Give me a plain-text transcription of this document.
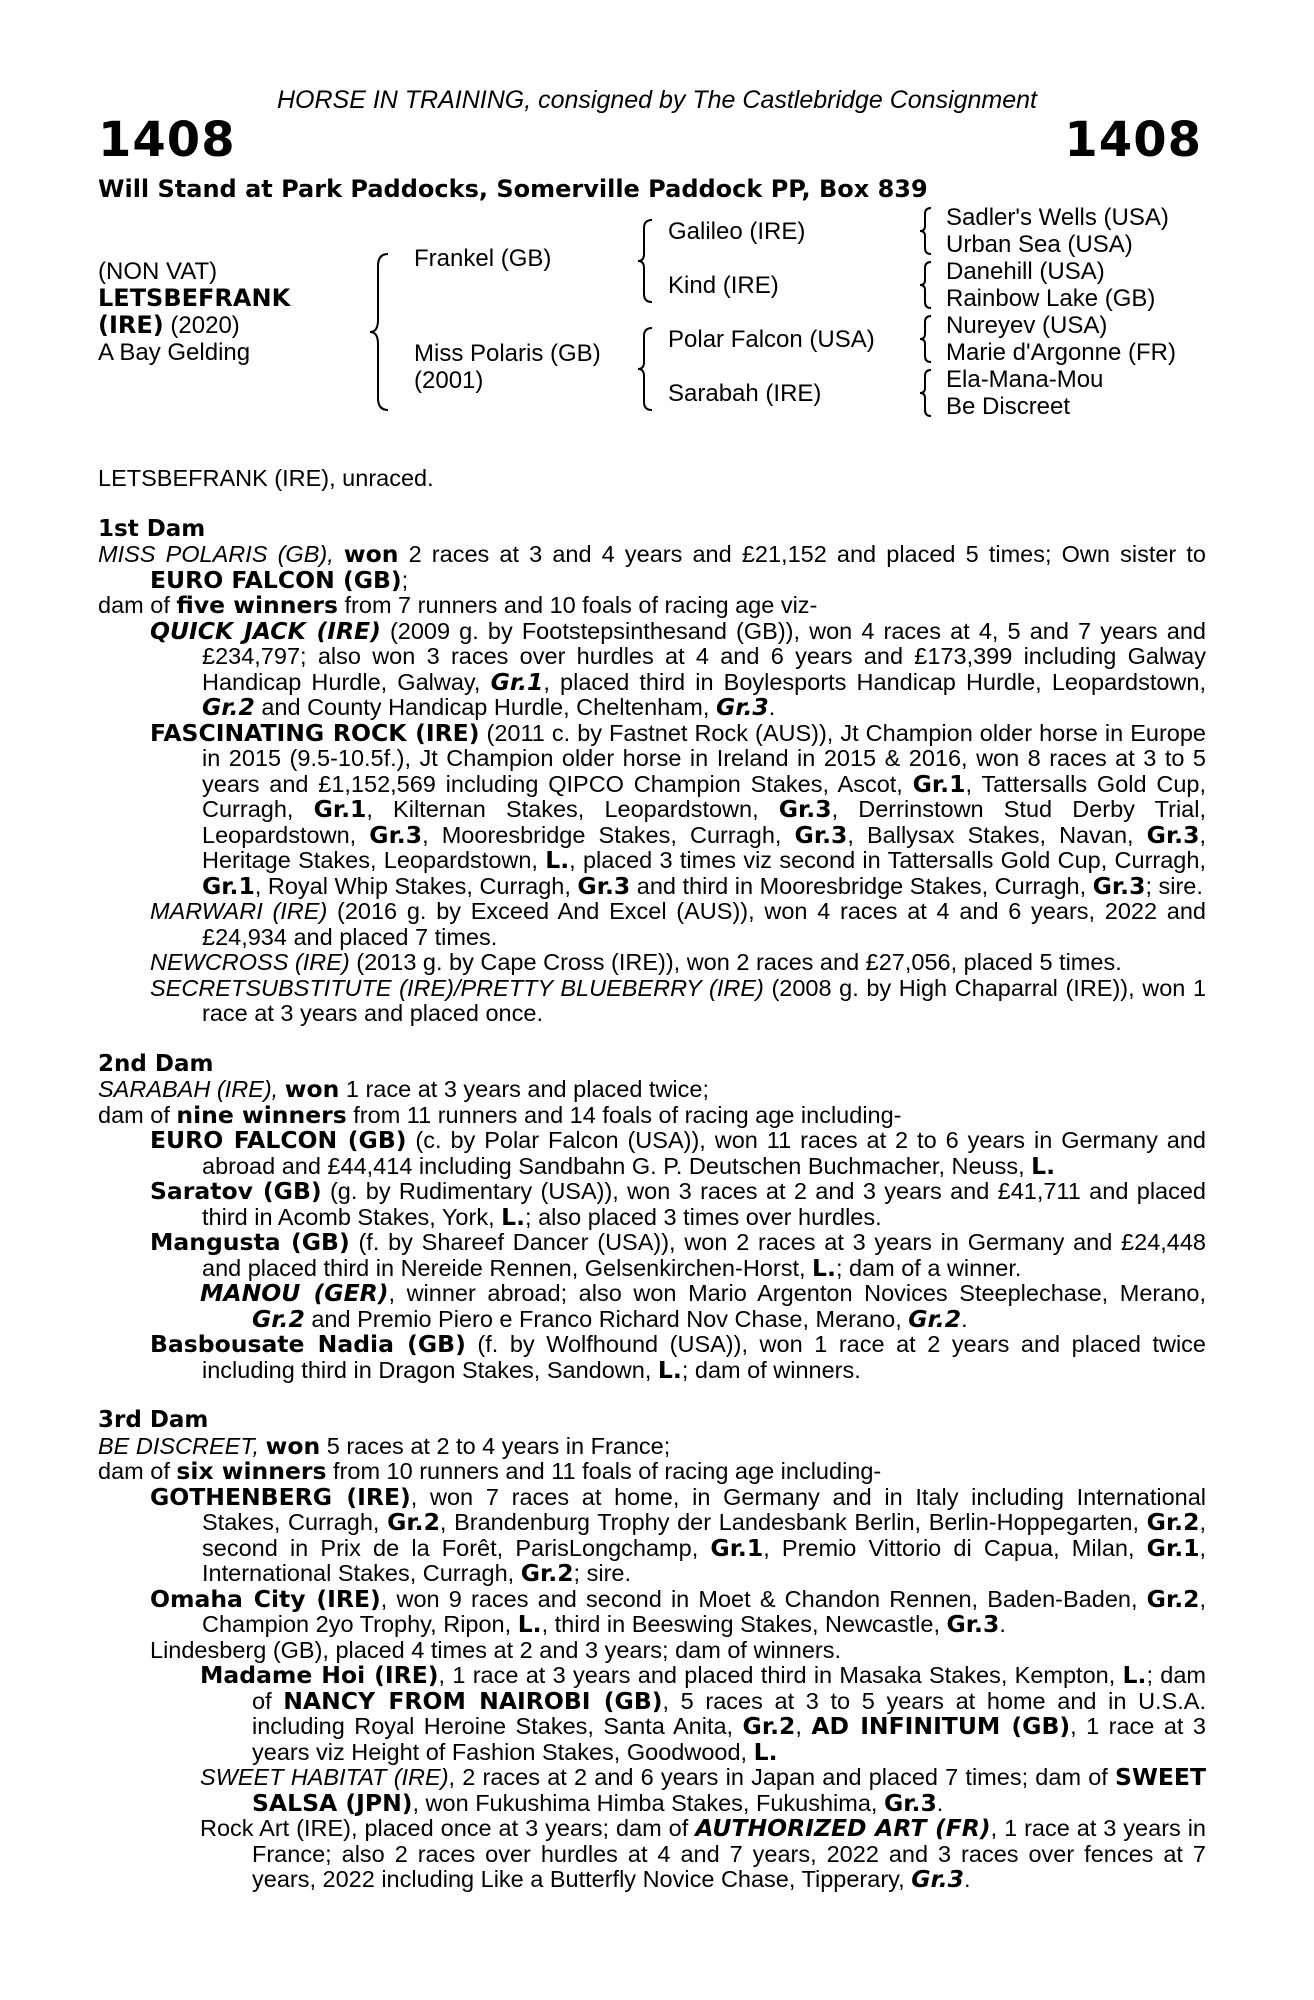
HORSE IN TRAINING, consigned by The Castlebridge Consignment
1408	1408
Will Stand at Park Paddocks, Somerville Paddock PP, Box 839
(NON VAT)
LETSBEFRANK
(IRE) (2020)
A Bay Gelding
Frankel (GB)
Miss Polaris (GB)
(2001)
Galileo (IRE)
Kind (IRE)
Polar Falcon (USA)
Sarabah (IRE)
Sadler's Wells (USA)
Urban Sea (USA)
Danehill (USA)
Rainbow Lake (GB)
Nureyev (USA)
Marie d'Argonne (FR)
Ela-Mana-Mou
Be Discreet

LETSBEFRANK (IRE), unraced.

1st Dam

MISS POLARIS (GB), won 2 races at 3 and 4 years and £21,152 and placed 5 times; Own sister to EURO FALCON (GB);

dam of five winners from 7 runners and 10 foals of racing age viz-

QUICK JACK (IRE) (2009 g. by Footstepsinthesand (GB)), won 4 races at 4, 5 and 7 years and £234,797; also won 3 races over hurdles at 4 and 6 years and £173,399 including Galway Handicap Hurdle, Galway, Gr.1, placed third in Boylesports Handicap Hurdle, Leopardstown, Gr.2 and County Handicap Hurdle, Cheltenham, Gr.3.

FASCINATING ROCK (IRE) (2011 c. by Fastnet Rock (AUS)), Jt Champion older horse in Europe in 2015 (9.5-10.5f.), Jt Champion older horse in Ireland in 2015 & 2016, won 8 races at 3 to 5 years and £1,152,569 including QIPCO Champion Stakes, Ascot, Gr.1, Tattersalls Gold Cup, Curragh, Gr.1, Kilternan Stakes, Leopardstown, Gr.3, Derrinstown Stud Derby Trial, Leopardstown, Gr.3, Mooresbridge Stakes, Curragh, Gr.3, Ballysax Stakes, Navan, Gr.3, Heritage Stakes, Leopardstown, L., placed 3 times viz second in Tattersalls Gold Cup, Curragh, Gr.1, Royal Whip Stakes, Curragh, Gr.3 and third in Mooresbridge Stakes, Curragh, Gr.3; sire.

MARWARI (IRE) (2016 g. by Exceed And Excel (AUS)), won 4 races at 4 and 6 years, 2022 and £24,934 and placed 7 times.

NEWCROSS (IRE) (2013 g. by Cape Cross (IRE)), won 2 races and £27,056, placed 5 times.

SECRETSUBSTITUTE (IRE)/PRETTY BLUEBERRY (IRE) (2008 g. by High Chaparral (IRE)), won 1 race at 3 years and placed once.

2nd Dam

SARABAH (IRE), won 1 race at 3 years and placed twice;

dam of nine winners from 11 runners and 14 foals of racing age including-

EURO FALCON (GB) (c. by Polar Falcon (USA)), won 11 races at 2 to 6 years in Germany and abroad and £44,414 including Sandbahn G. P. Deutschen Buchmacher, Neuss, L.

Saratov (GB) (g. by Rudimentary (USA)), won 3 races at 2 and 3 years and £41,711 and placed third in Acomb Stakes, York, L.; also placed 3 times over hurdles.

Mangusta (GB) (f. by Shareef Dancer (USA)), won 2 races at 3 years in Germany and £24,448 and placed third in Nereide Rennen, Gelsenkirchen-Horst, L.; dam of a winner.

MANOU (GER), winner abroad; also won Mario Argenton Novices Steeplechase, Merano, Gr.2 and Premio Piero e Franco Richard Nov Chase, Merano, Gr.2.

Basbousate Nadia (GB) (f. by Wolfhound (USA)), won 1 race at 2 years and placed twice including third in Dragon Stakes, Sandown, L.; dam of winners.

3rd Dam

BE DISCREET, won 5 races at 2 to 4 years in France;

dam of six winners from 10 runners and 11 foals of racing age including-

GOTHENBERG (IRE), won 7 races at home, in Germany and in Italy including International Stakes, Curragh, Gr.2, Brandenburg Trophy der Landesbank Berlin, Berlin-Hoppegarten, Gr.2, second in Prix de la Forêt, ParisLongchamp, Gr.1, Premio Vittorio di Capua, Milan, Gr.1, International Stakes, Curragh, Gr.2; sire.

Omaha City (IRE), won 9 races and second in Moet & Chandon Rennen, Baden-Baden, Gr.2, Champion 2yo Trophy, Ripon, L., third in Beeswing Stakes, Newcastle, Gr.3.

Lindesberg (GB), placed 4 times at 2 and 3 years; dam of winners.

Madame Hoi (IRE), 1 race at 3 years and placed third in Masaka Stakes, Kempton, L.; dam of NANCY FROM NAIROBI (GB), 5 races at 3 to 5 years at home and in U.S.A. including Royal Heroine Stakes, Santa Anita, Gr.2, AD INFINITUM (GB), 1 race at 3 years viz Height of Fashion Stakes, Goodwood, L.

SWEET HABITAT (IRE), 2 races at 2 and 6 years in Japan and placed 7 times; dam of SWEET SALSA (JPN), won Fukushima Himba Stakes, Fukushima, Gr.3.

Rock Art (IRE), placed once at 3 years; dam of AUTHORIZED ART (FR), 1 race at 3 years in France; also 2 races over hurdles at 4 and 7 years, 2022 and 3 races over fences at 7 years, 2022 including Like a Butterfly Novice Chase, Tipperary, Gr.3.
